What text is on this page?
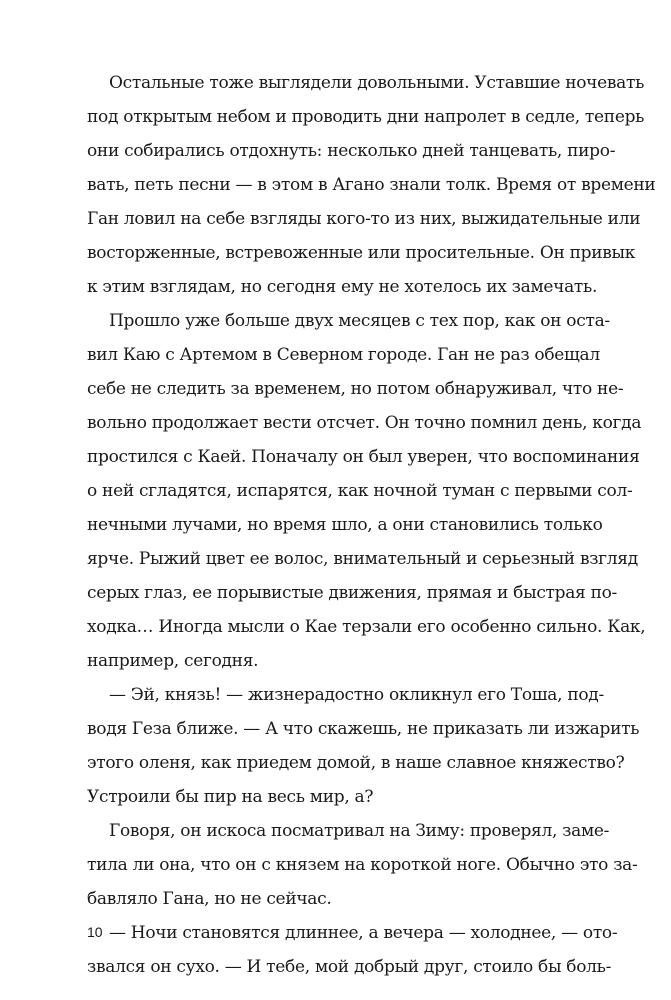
Остальные тоже выглядели довольными. Уставшие ночевать
под открытым небом и проводить дни напролет в седле, теперь
они собирались отдохнуть: несколько дней танцевать, пиро-
вать, петь песни — в этом в Агано знали толк. Время от времени
Ган ловил на себе взгляды кого-то из них, выжидательные или
восторженные, встревоженные или просительные. Он привык
к этим взглядам, но сегодня ему не хотелось их замечать.
Прошло уже больше двух месяцев с тех пор, как он оста-
вил Каю с Артемом в Северном городе. Ган не раз обещал
себе не следить за временем, но потом обнаруживал, что не-
вольно продолжает вести отсчет. Он точно помнил день, когда
простился с Каей. Поначалу он был уверен, что воспоминания
о ней сгладятся, испарятся, как ночной туман с первыми сол-
нечными лучами, но время шло, а они становились только
ярче. Рыжий цвет ее волос, внимательный и серьезный взгляд
серых глаз, ее порывистые движения, прямая и быстрая по-
ходка… Иногда мысли о Кае терзали его особенно сильно. Как,
например, сегодня.
— Эй, князь! — жизнерадостно окликнул его Тоша, под-
водя Геза ближе. — А что скажешь, не приказать ли изжарить
этого оленя, как приедем домой, в наше славное княжество?
Устроили бы пир на весь мир, а?
Говоря, он искоса посматривал на Зиму: проверял, заме-
тила ли она, что он с князем на короткой ноге. Обычно это за-
бавляло Гана, но не сейчас.
— Ночи становятся длиннее, а вечера — холоднее, — ото-
звался он сухо. — И тебе, мой добрый друг, стоило бы боль-
10
